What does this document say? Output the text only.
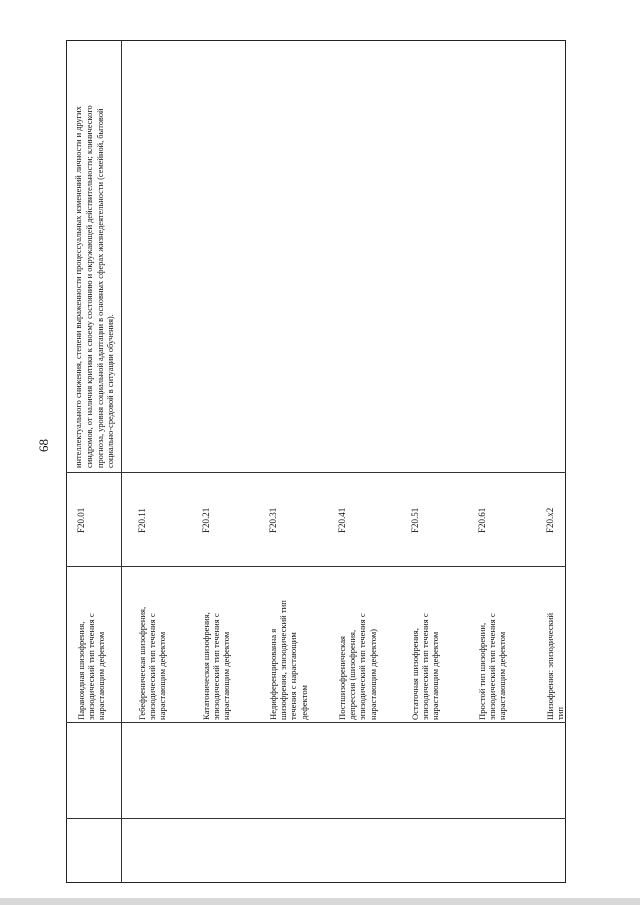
68	интеллектуального снижения, степени выраженности процессуальных изменений личности и других
синдромов, от наличия критики к своему состоянию и окружающей действительности; клинического
прогноза, уровня социальной адаптации в основных сферах жизнедеятельности (семейной, бытовой
социально-средовой в ситуации обучения).
Параноидная шизофрения, эпизодический тип течения с нарастающим дефектом
F20.01
Гебефреническая шизофрения, эпизодический тип течения с нарастающим дефектом
F20.11
Кататоническая шизофрения, эпизодический тип течения с нарастающим дефектом
F20.21
Недифференцированна я шизофрения, эпизодический тип течения с нарастающим дефектом
F20.31
Постшизофреническая депрессия (шизофрения, эпизодический тип течения с нарастающим дефектом)
F20.41
Остаточная шизофрения, эпизодический тип течения с нарастающим дефектом
F20.51
Простой тип шизофрении, эпизодический тип течения с нарастающим дефектом
F20.61
Шизофрения: эпизодический тип
F20.х2
